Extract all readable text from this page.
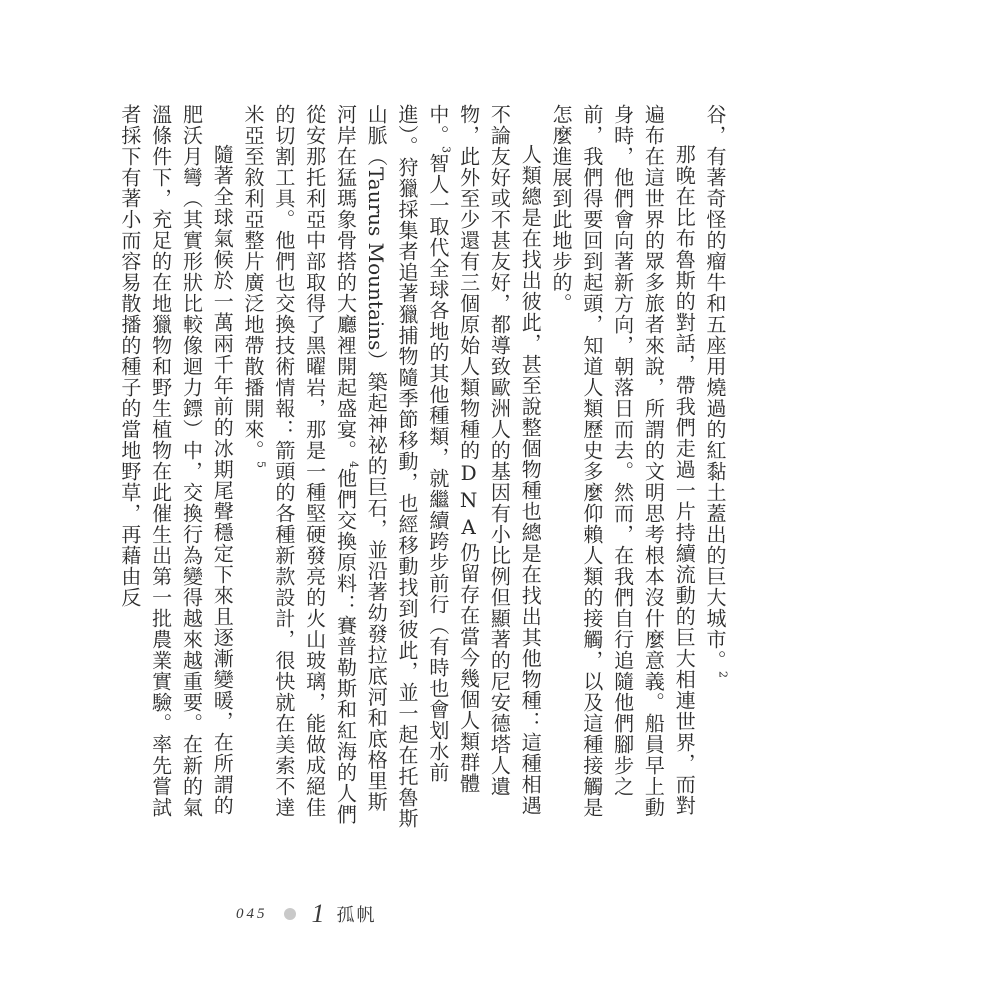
谷，有著奇怪的瘤牛和五座用燒過的紅黏土蓋出的巨大城市。$^2$

那晚在比布魯斯的對話，帶我們走過一片持續流動的巨大相連世界，而對遍布在這世界的眾多旅者來說，所謂的文明思考根本沒什麼意義。船員早上動身時，他們會向著新方向，朝落日而去。然而，在我們自行追隨他們腳步之前，我們得要回到起頭，知道人類歷史多麼仰賴人類的接觸，以及這種接觸是怎麼進展到此地步的。

人類總是在找出彼此，甚至說整個物種也總是在找出其他物種：這種相遇不論友好或不甚友好，都導致歐洲人的基因有小比例但顯著的尼安德塔人遺物，此外至少還有三個原始人類物種的DNA仍留存在當今幾個人類群體中。$^3$智人一取代全球各地的其他種類，就繼續跨步前行（有時也會划水前進）。狩獵採集者追著獵捕物隨季節移動，也經移動找到彼此，並一起在托魯斯山脈（Taurus Mountains）築起神祕的巨石，並沿著幼發拉底河和底格里斯河岸在猛瑪象骨搭的大廳裡開起盛宴。$^4$他們交換原料：賽普勒斯和紅海的人們從安那托利亞中部取得了黑曜岩，那是一種堅硬發亮的火山玻璃，能做成絕佳的切割工具。他們也交換技術情報：箭頭的各種新款設計，很快就在美索不達米亞至敘利亞整片廣泛地帶散播開來。$^5$

隨著全球氣候於一萬兩千年前的冰期尾聲穩定下來且逐漸變暖，在所謂的肥沃月彎（其實形狀比較像迴力鏢）中，交換行為變得越來越重要。在新的氣溫條件下，充足的在地獵物和野生植物在此催生出第一批農業實驗。率先嘗試者採下有著小而容易散播的種子的當地野草，再藉由反

045 1 孤帆
